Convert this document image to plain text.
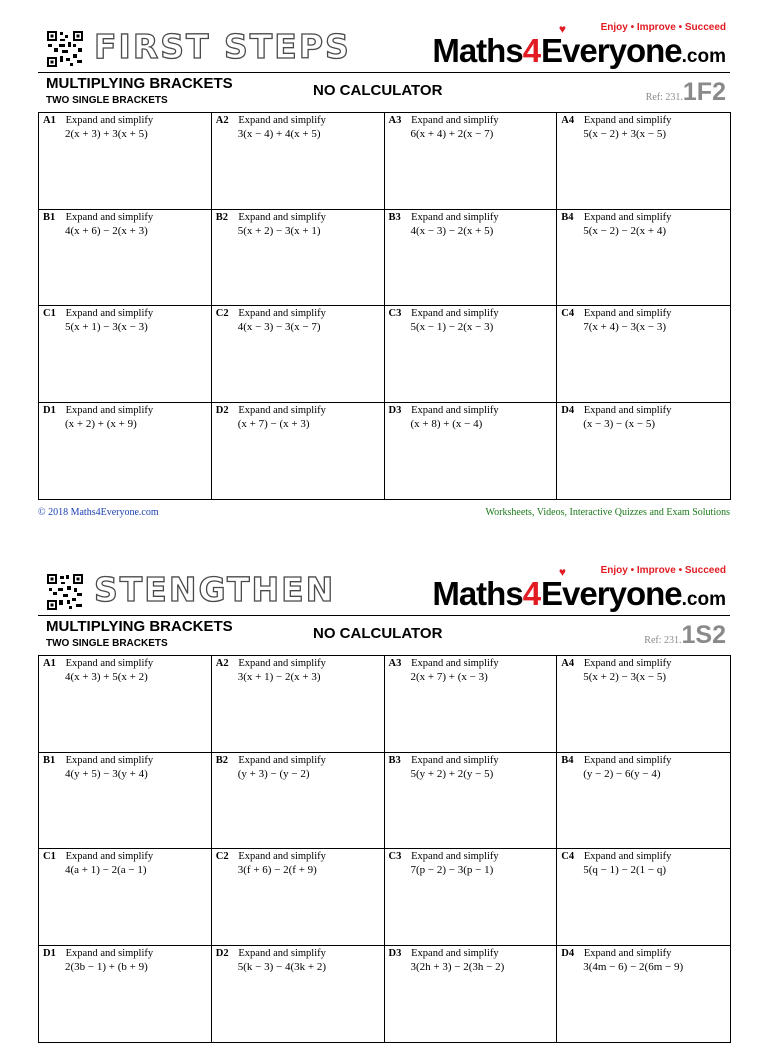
FIRST STEPS	♥	Enjoy • Improve • Succeed
Maths4Everyone.com
MULTIPLYING BRACKETS
TWO SINGLE BRACKETS
NO CALCULATOR	Ref: 231.1F2
A1 Expand and simplify
2(x + 3) + 3(x + 5)
A2 Expand and simplify
3(x − 4) + 4(x + 5)
A3 Expand and simplify
6(x + 4) + 2(x − 7)
A4 Expand and simplify
5(x − 2) + 3(x − 5)
B1 Expand and simplify
4(x + 6) − 2(x + 3)
B2 Expand and simplify
5(x + 2) − 3(x + 1)
B3 Expand and simplify
4(x − 3) − 2(x + 5)
B4 Expand and simplify
5(x − 2) − 2(x + 4)
C1 Expand and simplify
5(x + 1) − 3(x − 3)
C2 Expand and simplify
4(x − 3) − 3(x − 7)
C3 Expand and simplify
5(x − 1) − 2(x − 3)
C4 Expand and simplify
7(x + 4) − 3(x − 3)
D1 Expand and simplify
(x + 2) + (x + 9)
D2 Expand and simplify
(x + 7) − (x + 3)
D3 Expand and simplify
(x + 8) + (x − 4)
D4 Expand and simplify
(x − 3) − (x − 5)
© 2018 Maths4Everyone.com	Worksheets, Videos, Interactive Quizzes and Exam Solutions
STENGTHEN	♥	Enjoy • Improve • Succeed
Maths4Everyone.com
MULTIPLYING BRACKETS
TWO SINGLE BRACKETS
NO CALCULATOR	Ref: 231.1S2
A1 Expand and simplify
4(x + 3) + 5(x + 2)
A2 Expand and simplify
3(x + 1) − 2(x + 3)
A3 Expand and simplify
2(x + 7) + (x − 3)
A4 Expand and simplify
5(x + 2) − 3(x − 5)
B1 Expand and simplify
4(y + 5) − 3(y + 4)
B2 Expand and simplify
(y + 3) − (y − 2)
B3 Expand and simplify
5(y + 2) + 2(y − 5)
B4 Expand and simplify
(y − 2) − 6(y − 4)
C1 Expand and simplify
4(a + 1) − 2(a − 1)
C2 Expand and simplify
3(f + 6) − 2(f + 9)
C3 Expand and simplify
7(p − 2) − 3(p − 1)
C4 Expand and simplify
5(q − 1) − 2(1 − q)
D1 Expand and simplify
2(3b − 1) + (b + 9)
D2 Expand and simplify
5(k − 3) − 4(3k + 2)
D3 Expand and simplify
3(2h + 3) − 2(3h − 2)
D4 Expand and simplify
3(4m − 6) − 2(6m − 9)
